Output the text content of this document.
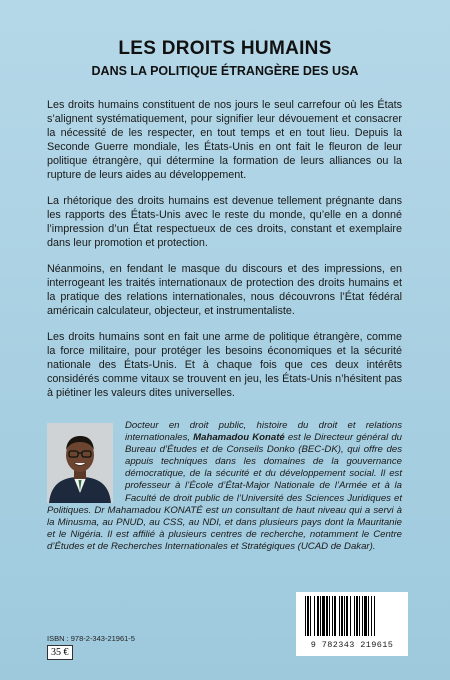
LES DROITS HUMAINS
DANS LA POLITIQUE ÉTRANGÈRE DES USA

Les droits humains constituent de nos jours le seul carrefour où les États s’alignent systématiquement, pour signifier leur dévouement et consacrer la nécessité de les respecter, en tout temps et en tout lieu. Depuis la Seconde Guerre mondiale, les États-Unis en ont fait le fleuron de leur politique étrangère, qui détermine la formation de leurs alliances ou la rupture de leurs aides au développement.

La rhétorique des droits humains est devenue tellement prégnante dans les rapports des États-Unis avec le reste du monde, qu’elle en a donné l’impression d’un État respectueux de ces droits, constant et exemplaire dans leur promotion et protection.

Néanmoins, en fendant le masque du discours et des impressions, en interrogeant les traités internationaux de protection des droits humains et la pratique des relations internationales, nous découvrons l’État fédéral américain calculateur, objecteur, et instrumentaliste.

Les droits humains sont en fait une arme de politique étrangère, comme la force militaire, pour protéger les besoins économiques et la sécurité nationale des États-Unis. Et à chaque fois que ces deux intérêts considérés comme vitaux se trouvent en jeu, les États-Unis n’hésitent pas à piétiner les valeurs dites universelles.

Docteur en droit public, histoire du droit et relations internationales, Mahamadou Konaté est le Directeur général du Bureau d’Études et de Conseils Donko (BEC-DK), qui offre des appuis techniques dans les domaines de la gouvernance démocratique, de la sécurité et du développement social. Il est professeur à l’École d’État-Major Nationale de l’Armée et à la Faculté de droit public de l’Université des Sciences Juridiques et Politiques. Dr Mahamadou KONATÉ est un consultant de haut niveau qui a servi à la Minusma, au PNUD, au CSS, au NDI, et dans plusieurs pays dont la Mauritanie et le Nigéria. Il est affilié à plusieurs centres de recherche, notamment le Centre d’Études et de Recherches Internationales et Stratégiques (UCAD de Dakar).
9 782343 219615
ISBN : 978-2-343-21961-5
35 €
